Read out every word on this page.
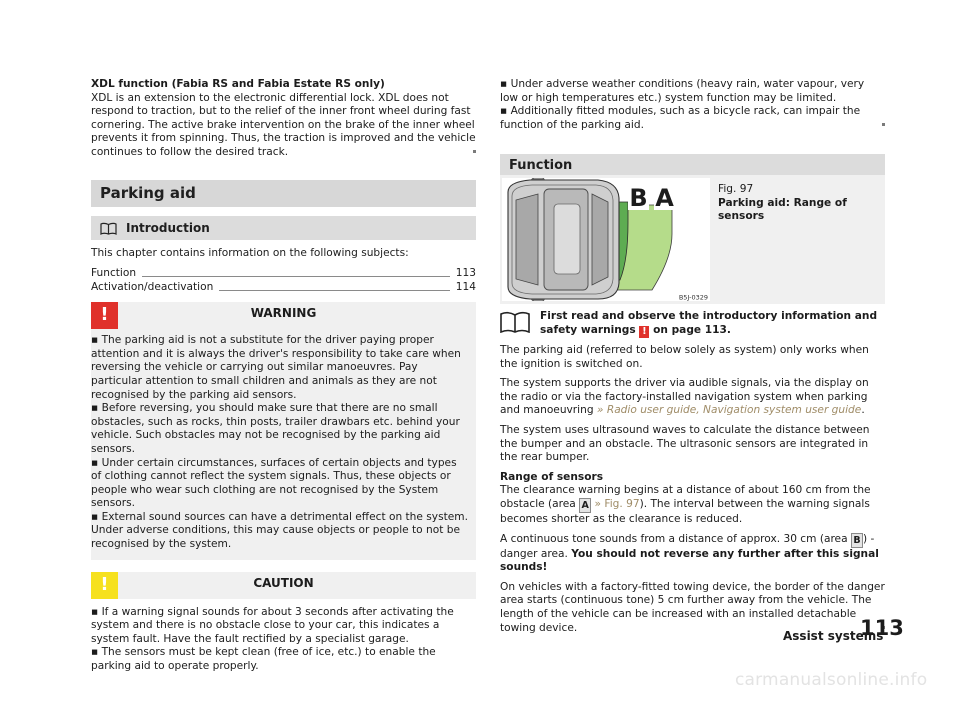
XDL function (Fabia RS and Fabia Estate RS only)

XDL is an extension to the electronic differential lock. XDL does not respond to traction, but to the relief of the inner front wheel during fast cornering. The active brake intervention on the brake of the inner wheel prevents it from spinning. Thus, the traction is improved and the vehicle continues to follow the desired track.

Parking aid
Introduction

This chapter contains information on the following subjects:

Function	113
Activation/deactivation	114
!	WARNING

▪ The parking aid is not a substitute for the driver paying proper attention and it is always the driver's responsibility to take care when reversing the vehicle or carrying out similar manoeuvres. Pay particular attention to small children and animals as they are not recognised by the parking aid sensors.

▪ Before reversing, you should make sure that there are no small obstacles, such as rocks, thin posts, trailer drawbars etc. behind your vehicle. Such obstacles may not be recognised by the parking aid sensors.

▪ Under certain circumstances, surfaces of certain objects and types of clothing cannot reflect the system signals. Thus, these objects or people who wear such clothing are not recognised by the System sensors.

▪ External sound sources can have a detrimental effect on the system. Under adverse conditions, this may cause objects or people to not be recognised by the system.

!	CAUTION

▪ If a warning signal sounds for about 3 seconds after activating the system and there is no obstacle close to your car, this indicates a system fault. Have the fault rectified by a specialist garage.

▪ The sensors must be kept clean (free of ice, etc.) to enable the parking aid to operate properly.

▪ Under adverse weather conditions (heavy rain, water vapour, very low or high temperatures etc.) system function may be limited.

▪ Additionally fitted modules, such as a bicycle rack, can impair the function of the parking aid.

Function
B A
B5J-0329

Fig. 97

Parking aid: Range of sensors

First read and observe the introductory information and safety warnings ! on page 113.

The parking aid (referred to below solely as system) only works when the ignition is switched on.

The system supports the driver via audible signals, via the display on the radio or via the factory-installed navigation system when parking and manoeuvring » Radio user guide, Navigation system user guide.

The system uses ultrasound waves to calculate the distance between the bumper and an obstacle. The ultrasonic sensors are integrated in the rear bumper.

Range of sensors

The clearance warning begins at a distance of about 160 cm from the obstacle (area A » Fig. 97). The interval between the warning signals becomes shorter as the clearance is reduced.

A continuous tone sounds from a distance of approx. 30 cm (area B ) - danger area. You should not reverse any further after this signal sounds!

On vehicles with a factory-fitted towing device, the border of the danger area starts (continuous tone) 5 cm further away from the vehicle. The length of the vehicle can be increased with an installed detachable towing device.

Assist systems
113
carmanualsonline.info
